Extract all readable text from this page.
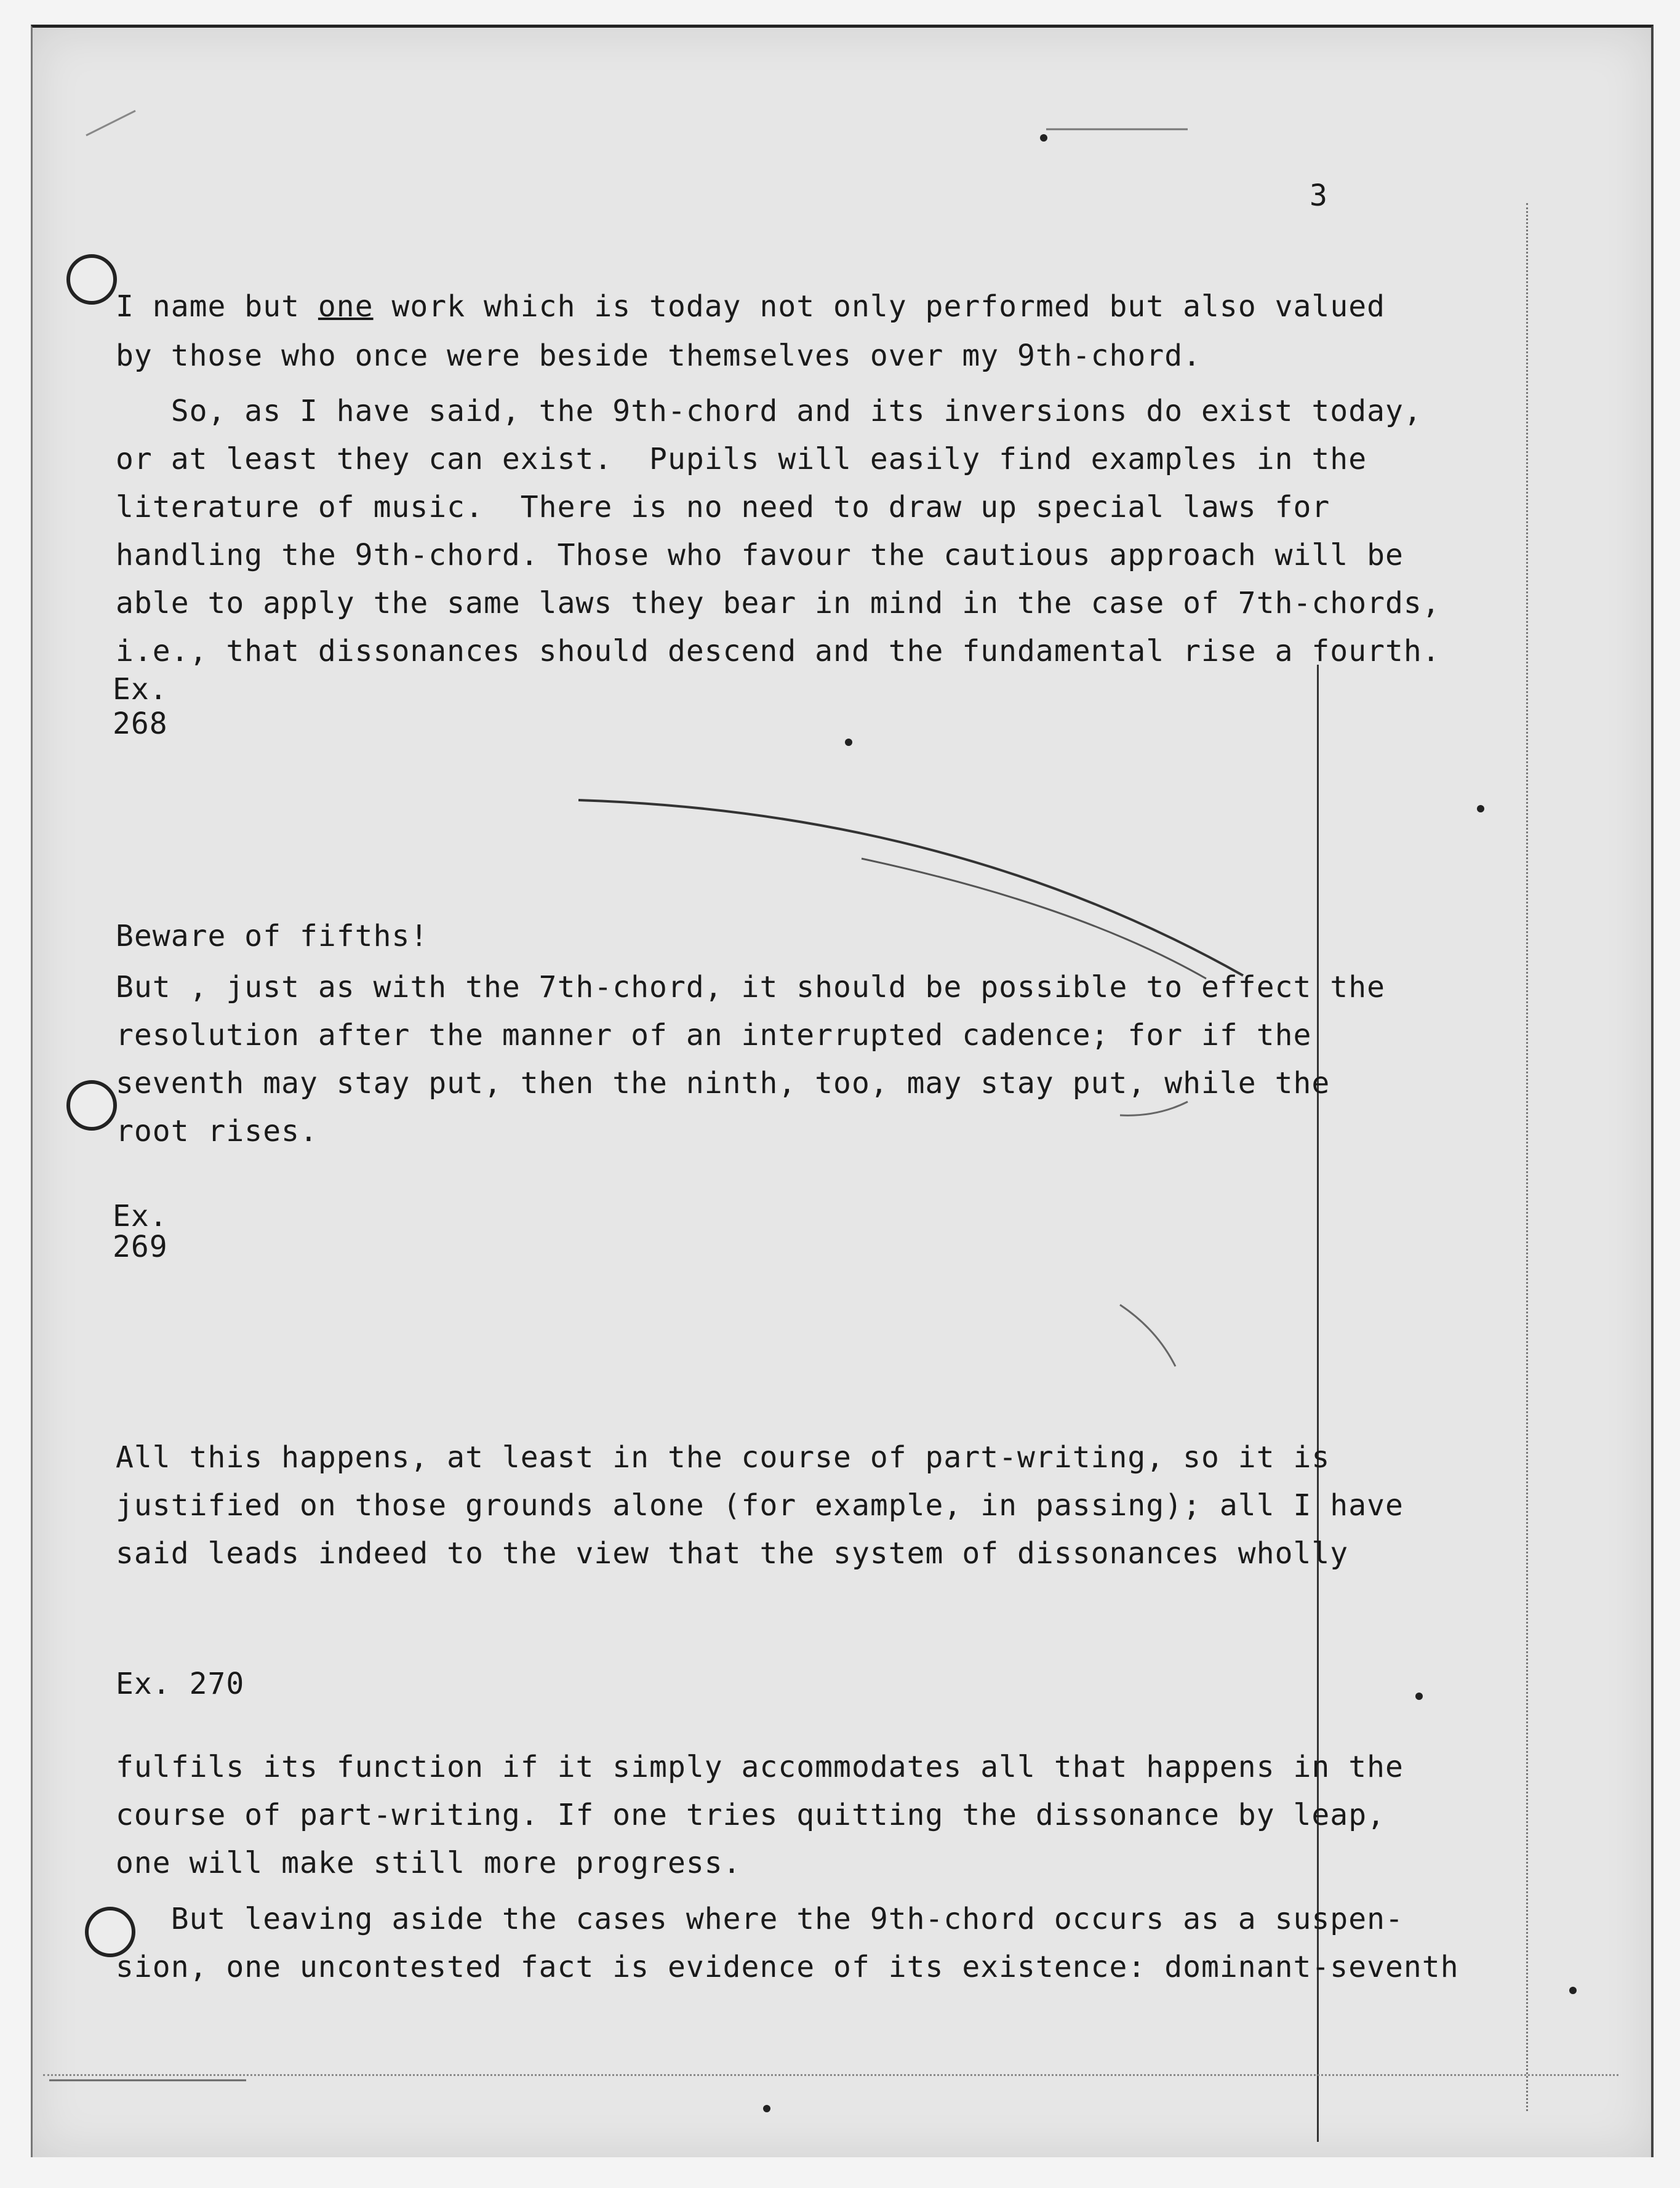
3
I name but one work which is today not only performed but also valued
by those who once were beside themselves over my 9th-chord.
So, as I have said, the 9th-chord and its inversions do exist today,
or at least they can exist.  Pupils will easily find examples in the
literature of music.  There is no need to draw up special laws for
handling the 9th-chord. Those who favour the cautious approach will be
able to apply the same laws they bear in mind in the case of 7th-chords,
i.e., that dissonances should descend and the fundamental rise a fourth.
Ex.
268
Beware of fifths!
But , just as with the 7th-chord, it should be possible to effect the
resolution after the manner of an interrupted cadence; for if the
seventh may stay put, then the ninth, too, may stay put, while the
root rises.
Ex.
269
All this happens, at least in the course of part-writing, so it is
justified on those grounds alone (for example, in passing); all I have
said leads indeed to the view that the system of dissonances wholly
Ex. 270
fulfils its function if it simply accommodates all that happens in the
course of part-writing. If one tries quitting the dissonance by leap,
one will make still more progress.
But leaving aside the cases where the 9th-chord occurs as a suspen-
sion, one uncontested fact is evidence of its existence: dominant-seventh
